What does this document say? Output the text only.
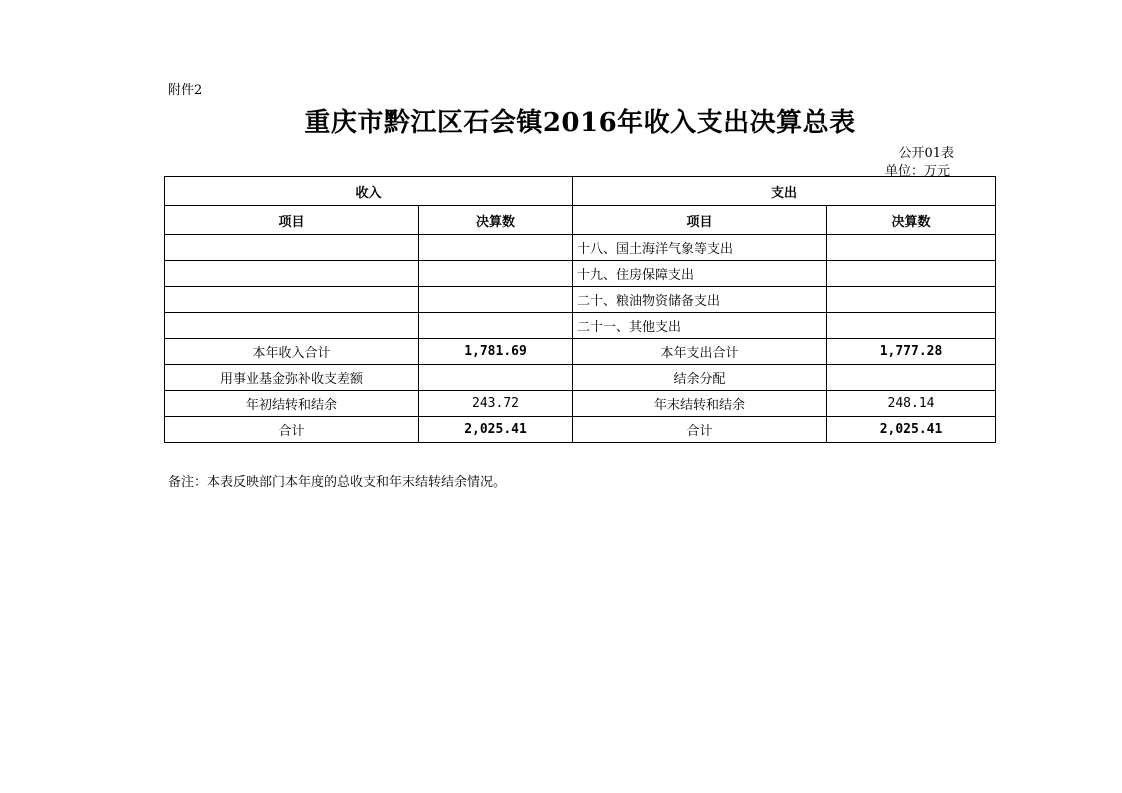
附件2
重庆市黔江区石会镇2016年收入支出决算总表
公开01表
单位：万元
收入		支出	
项目	决算数	项目	决算数
		十八、国土海洋气象等支出	
		十九、住房保障支出	
		二十、粮油物资储备支出	
		二十一、其他支出	
本年收入合计	1,781.69	本年支出合计	1,777.28
用事业基金弥补收支差额		结余分配	
年初结转和结余	243.72	年末结转和结余	248.14
合计	2,025.41	合计	2,025.41
备注：本表反映部门本年度的总收支和年末结转结余情况。
